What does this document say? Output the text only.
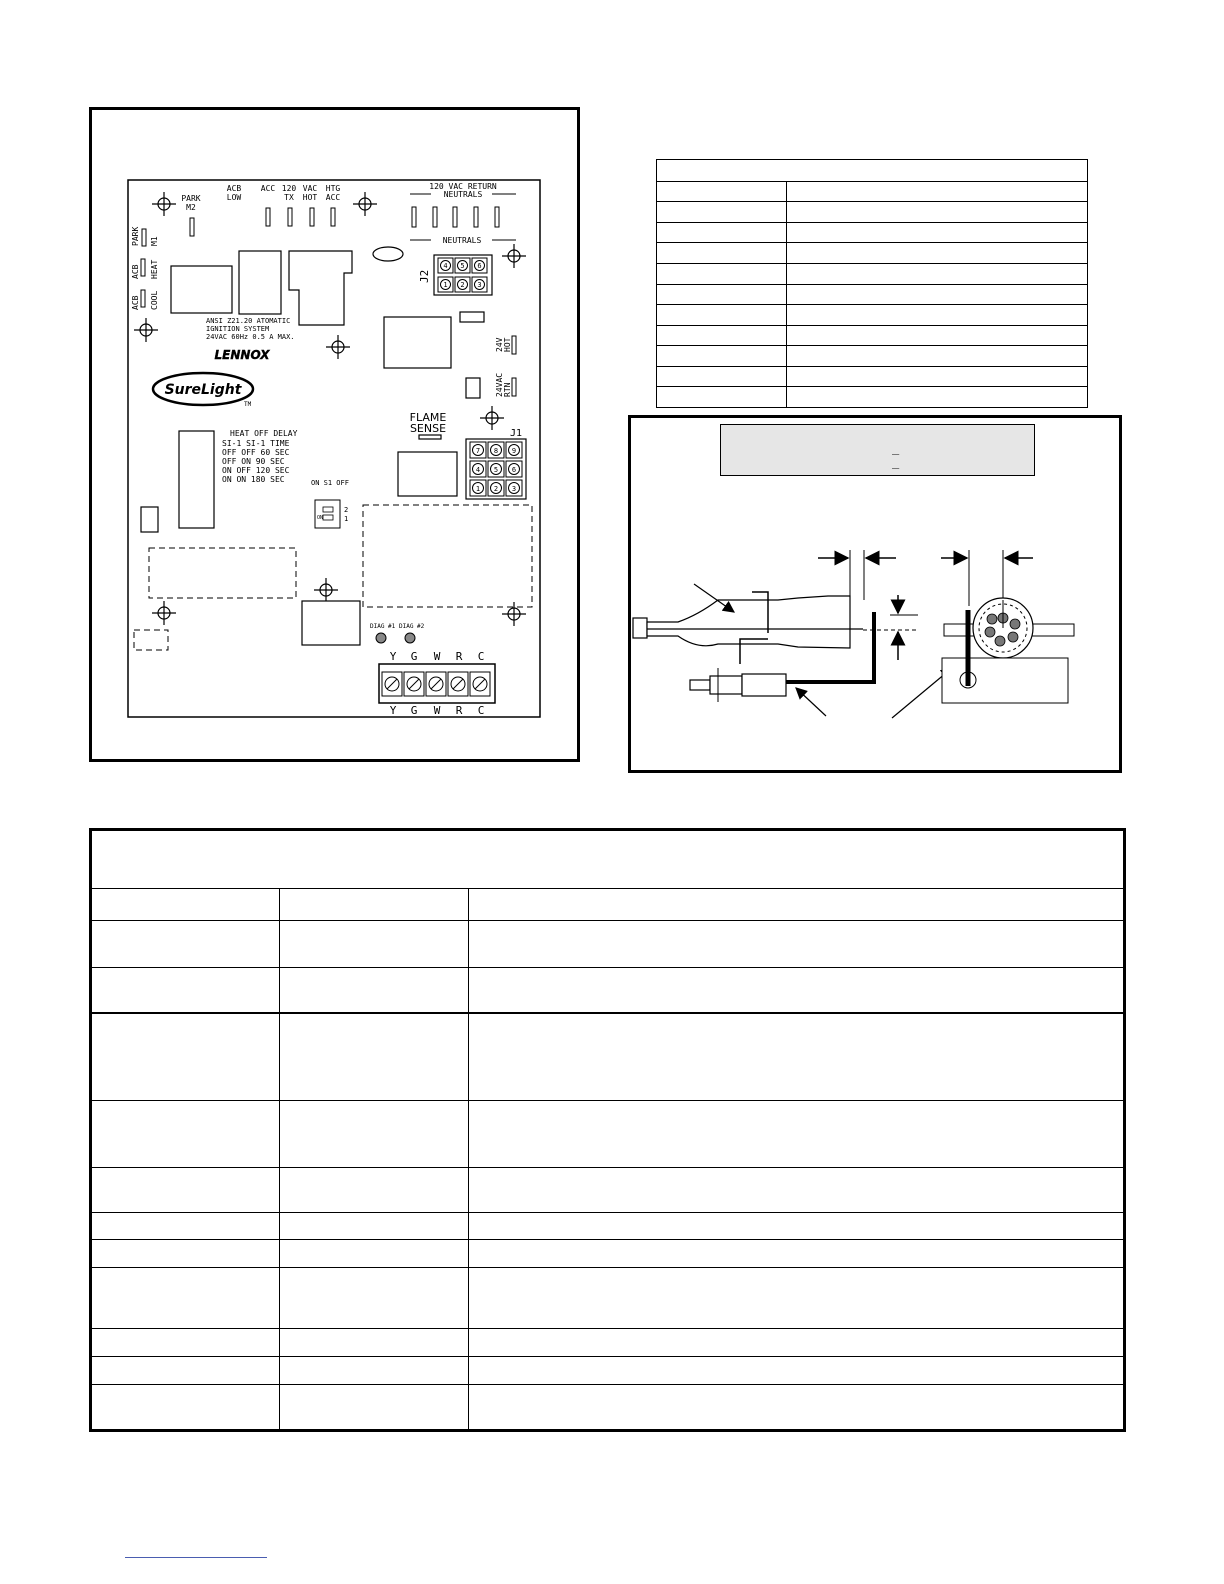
PARK
M2
ACB
LOW
ACC 120
TX
VAC
HOT
HTG
ACC
120 VAC RETURN
NEUTRALS
NEUTRALS
PARK M1
ACB HEAT
ACB COOL
24V HOT
24VAC RTN
4 5 6
1 2 3
J2
ANSI Z21.20 ATOMATIC
IGNITION SYSTEM
24VAC 60Hz 0.5 A MAX.
LENNOX
SureLight
TM
FLAME
SENSE	J1
7 8 9
4 5 6
1 2 3
HEAT OFF DELAY
SI-1 SI-1 TIME
OFF OFF 60 SEC
OFF ON 90 SEC
ON OFF 120 SEC
ON ON 180 SEC	ON S1 OFF
ON
2
1
DIAG #1 DIAG #2
Y G W R C
Y G W R C

_
_
